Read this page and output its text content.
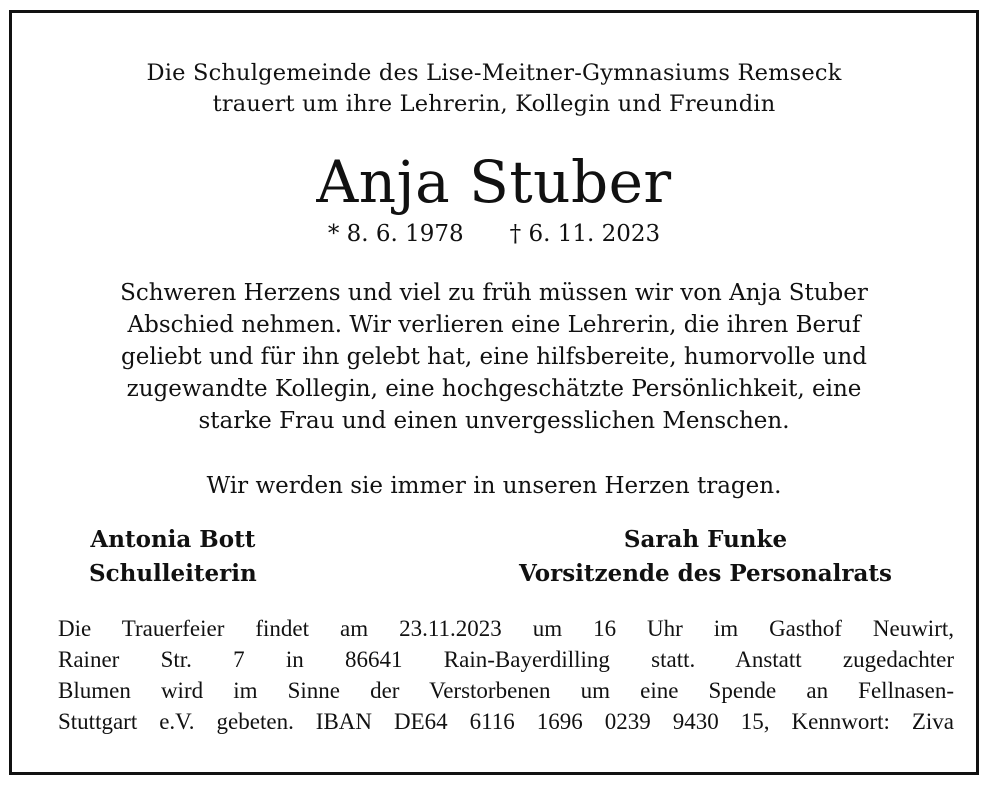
Die Schulgemeinde des Lise-Meitner-Gymnasiums Remseck
trauert um ihre Lehrerin, Kollegin und Freundin
Anja Stuber
* 8. 6. 1978 † 6. 11. 2023
Schweren Herzens und viel zu früh müssen wir von Anja Stuber
Abschied nehmen. Wir verlieren eine Lehrerin, die ihren Beruf
geliebt und für ihn gelebt hat, eine hilfsbereite, humorvolle und
zugewandte Kollegin, eine hochgeschätzte Persönlichkeit, eine
starke Frau und einen unvergesslichen Menschen.
Wir werden sie immer in unseren Herzen tragen.
Antonia Bott
Schulleiterin
Sarah Funke
Vorsitzende des Personalrats
Die Trauerfeier findet am 23.11.2023 um 16 Uhr im Gasthof Neuwirt,
Rainer Str. 7 in 86641 Rain-Bayerdilling statt. Anstatt zugedachter
Blumen wird im Sinne der Verstorbenen um eine Spende an Fellnasen-
Stuttgart e.V. gebeten. IBAN DE64 6116 1696 0239 9430 15, Kennwort: Ziva
